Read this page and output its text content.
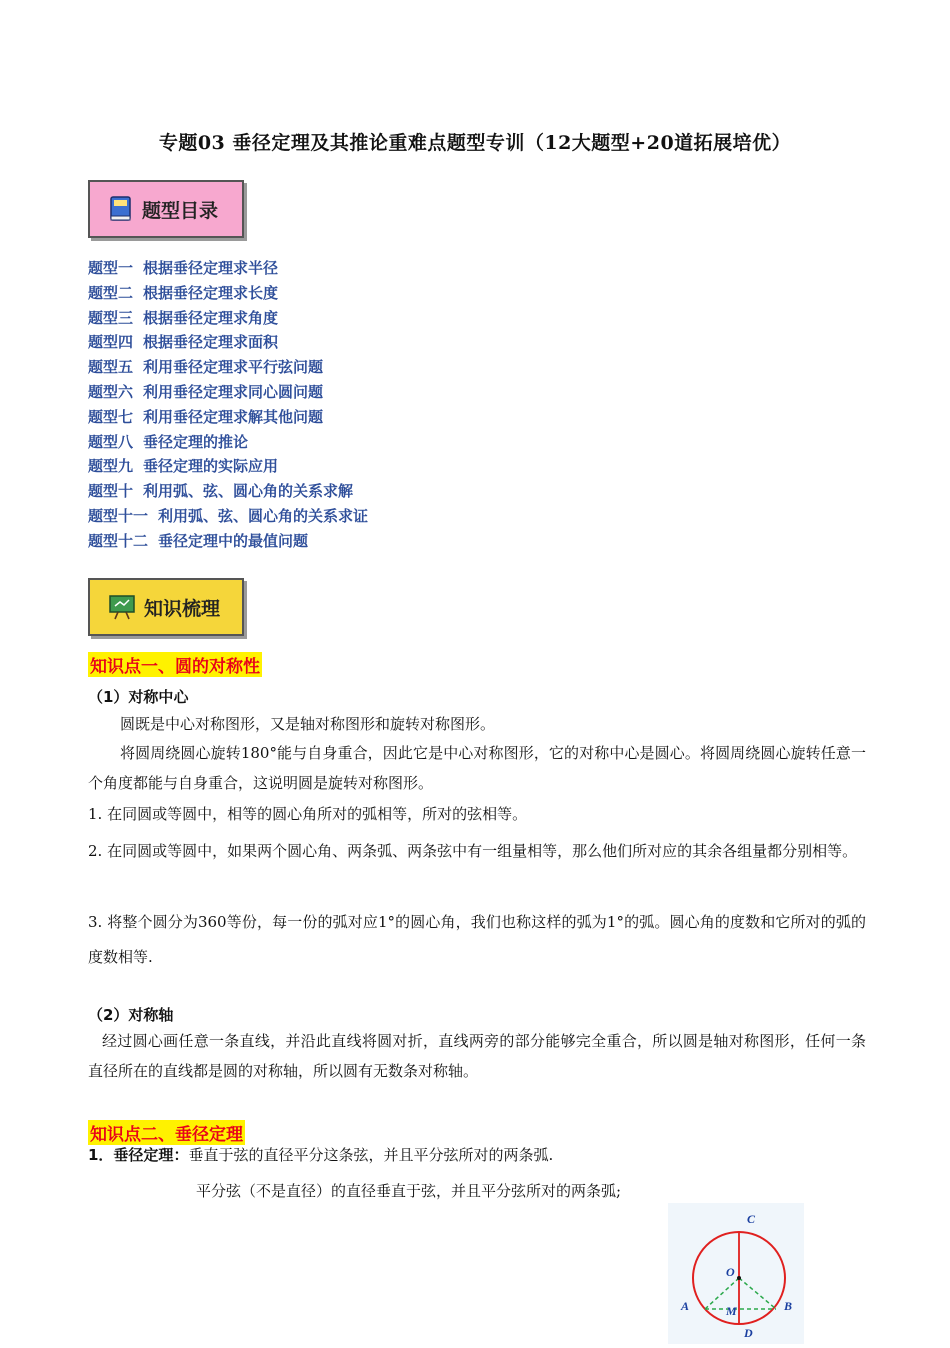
专题03 垂径定理及其推论重难点题型专训（12大题型+20道拓展培优）
题型目录
题型一 根据垂径定理求半径
题型二 根据垂径定理求长度
题型三 根据垂径定理求角度
题型四 根据垂径定理求面积
题型五 利用垂径定理求平行弦问题
题型六 利用垂径定理求同心圆问题
题型七 利用垂径定理求解其他问题
题型八 垂径定理的推论
题型九 垂径定理的实际应用
题型十 利用弧、弦、圆心角的关系求解
题型十一 利用弧、弦、圆心角的关系求证
题型十二 垂径定理中的最值问题
知识梳理
知识点一、圆的对称性
（1）对称中心
圆既是中心对称图形，又是轴对称图形和旋转对称图形。
将圆周绕圆心旋转180°能与自身重合，因此它是中心对称图形，它的对称中心是圆心。将圆周绕圆心旋转任意一个角度都能与自身重合，这说明圆是旋转对称图形。
1. 在同圆或等圆中，相等的圆心角所对的弧相等，所对的弦相等。
2. 在同圆或等圆中，如果两个圆心角、两条弧、两条弦中有一组量相等，那么他们所对应的其余各组量都分别相等。
3. 将整个圆分为360等份，每一份的弧对应1°的圆心角，我们也称这样的弧为1°的弧。圆心角的度数和它所对的弧的度数相等.
（2）对称轴
经过圆心画任意一条直线，并沿此直线将圆对折，直线两旁的部分能够完全重合，所以圆是轴对称图形，任何一条直径所在的直线都是圆的对称轴，所以圆有无数条对称轴。
知识点二、垂径定理
1．垂径定理：垂直于弦的直径平分这条弦，并且平分弦所对的两条弧.
平分弦（不是直径）的直径垂直于弦，并且平分弦所对的两条弧;
C
O
A	M	B
D
